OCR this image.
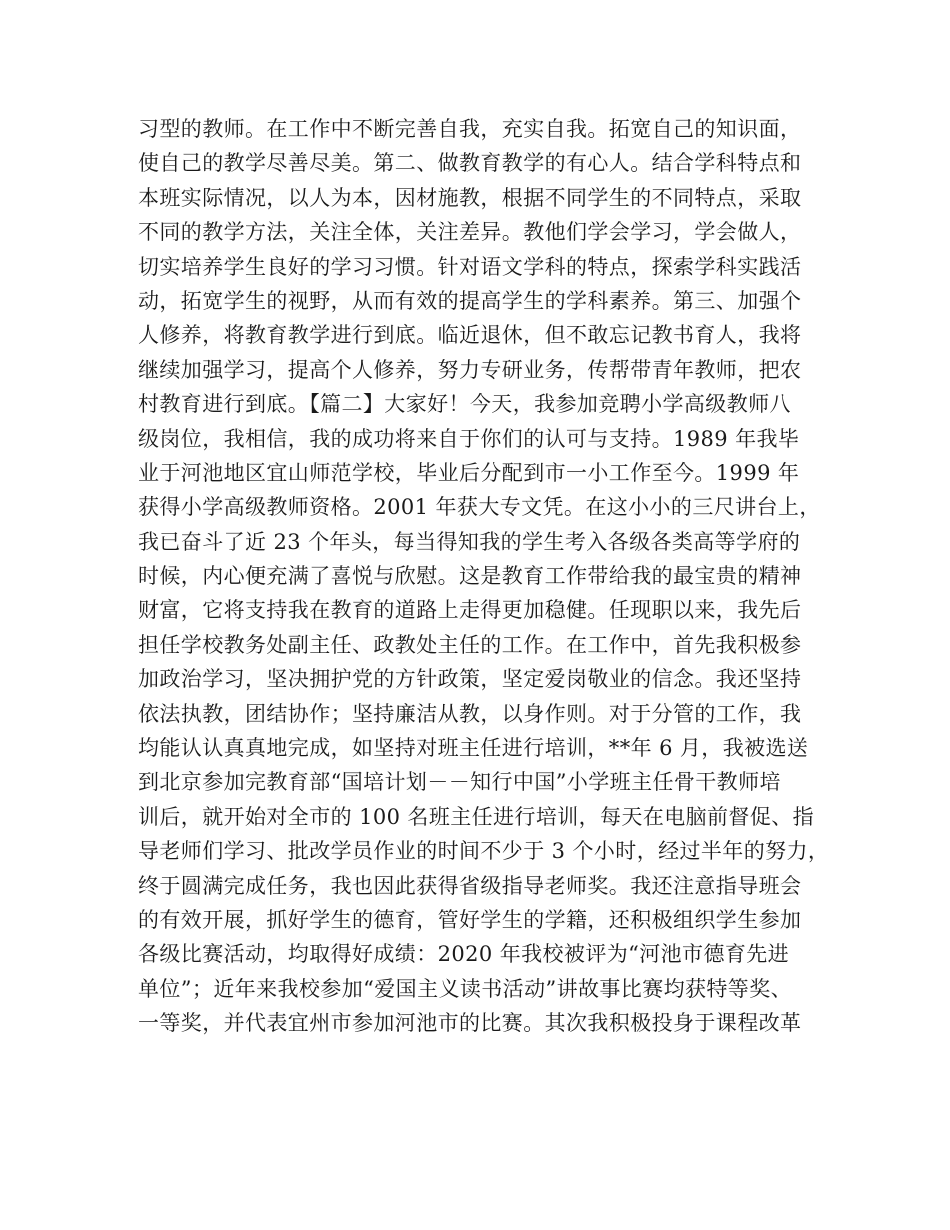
习型的教师。在工作中不断完善自我，充实自我。拓宽自己的知识面，
使自己的教学尽善尽美。第二、做教育教学的有心人。结合学科特点和
本班实际情况，以人为本，因材施教，根据不同学生的不同特点，采取
不同的教学方法，关注全体，关注差异。教他们学会学习，学会做人，
切实培养学生良好的学习习惯。针对语文学科的特点，探索学科实践活
动，拓宽学生的视野，从而有效的提高学生的学科素养。第三、加强个
人修养，将教育教学进行到底。临近退休，但不敢忘记教书育人，我将
继续加强学习，提高个人修养，努力专研业务，传帮带青年教师，把农
村教育进行到底。【篇二】大家好！今天，我参加竞聘小学高级教师八
级岗位，我相信，我的成功将来自于你们的认可与支持。1989 年我毕
业于河池地区宜山师范学校，毕业后分配到市一小工作至今。1999 年
获得小学高级教师资格。2001 年获大专文凭。在这小小的三尺讲台上，
我已奋斗了近 23 个年头，每当得知我的学生考入各级各类高等学府的
时候，内心便充满了喜悦与欣慰。这是教育工作带给我的最宝贵的精神
财富，它将支持我在教育的道路上走得更加稳健。任现职以来，我先后
担任学校教务处副主任、政教处主任的工作。在工作中，首先我积极参
加政治学习，坚决拥护党的方针政策，坚定爱岗敬业的信念。我还坚持
依法执教，团结协作；坚持廉洁从教，以身作则。对于分管的工作，我
均能认认真真地完成，如坚持对班主任进行培训，**年 6 月，我被选送
到北京参加完教育部“国培计划－－知行中国”小学班主任骨干教师培
训后，就开始对全市的 100 名班主任进行培训，每天在电脑前督促、指
导老师们学习、批改学员作业的时间不少于 3 个小时，经过半年的努力，
终于圆满完成任务，我也因此获得省级指导老师奖。我还注意指导班会
的有效开展，抓好学生的德育，管好学生的学籍，还积极组织学生参加
各级比赛活动，均取得好成绩：2020 年我校被评为“河池市德育先进
单位”；近年来我校参加“爱国主义读书活动”讲故事比赛均获特等奖、
一等奖，并代表宜州市参加河池市的比赛。其次我积极投身于课程改革
